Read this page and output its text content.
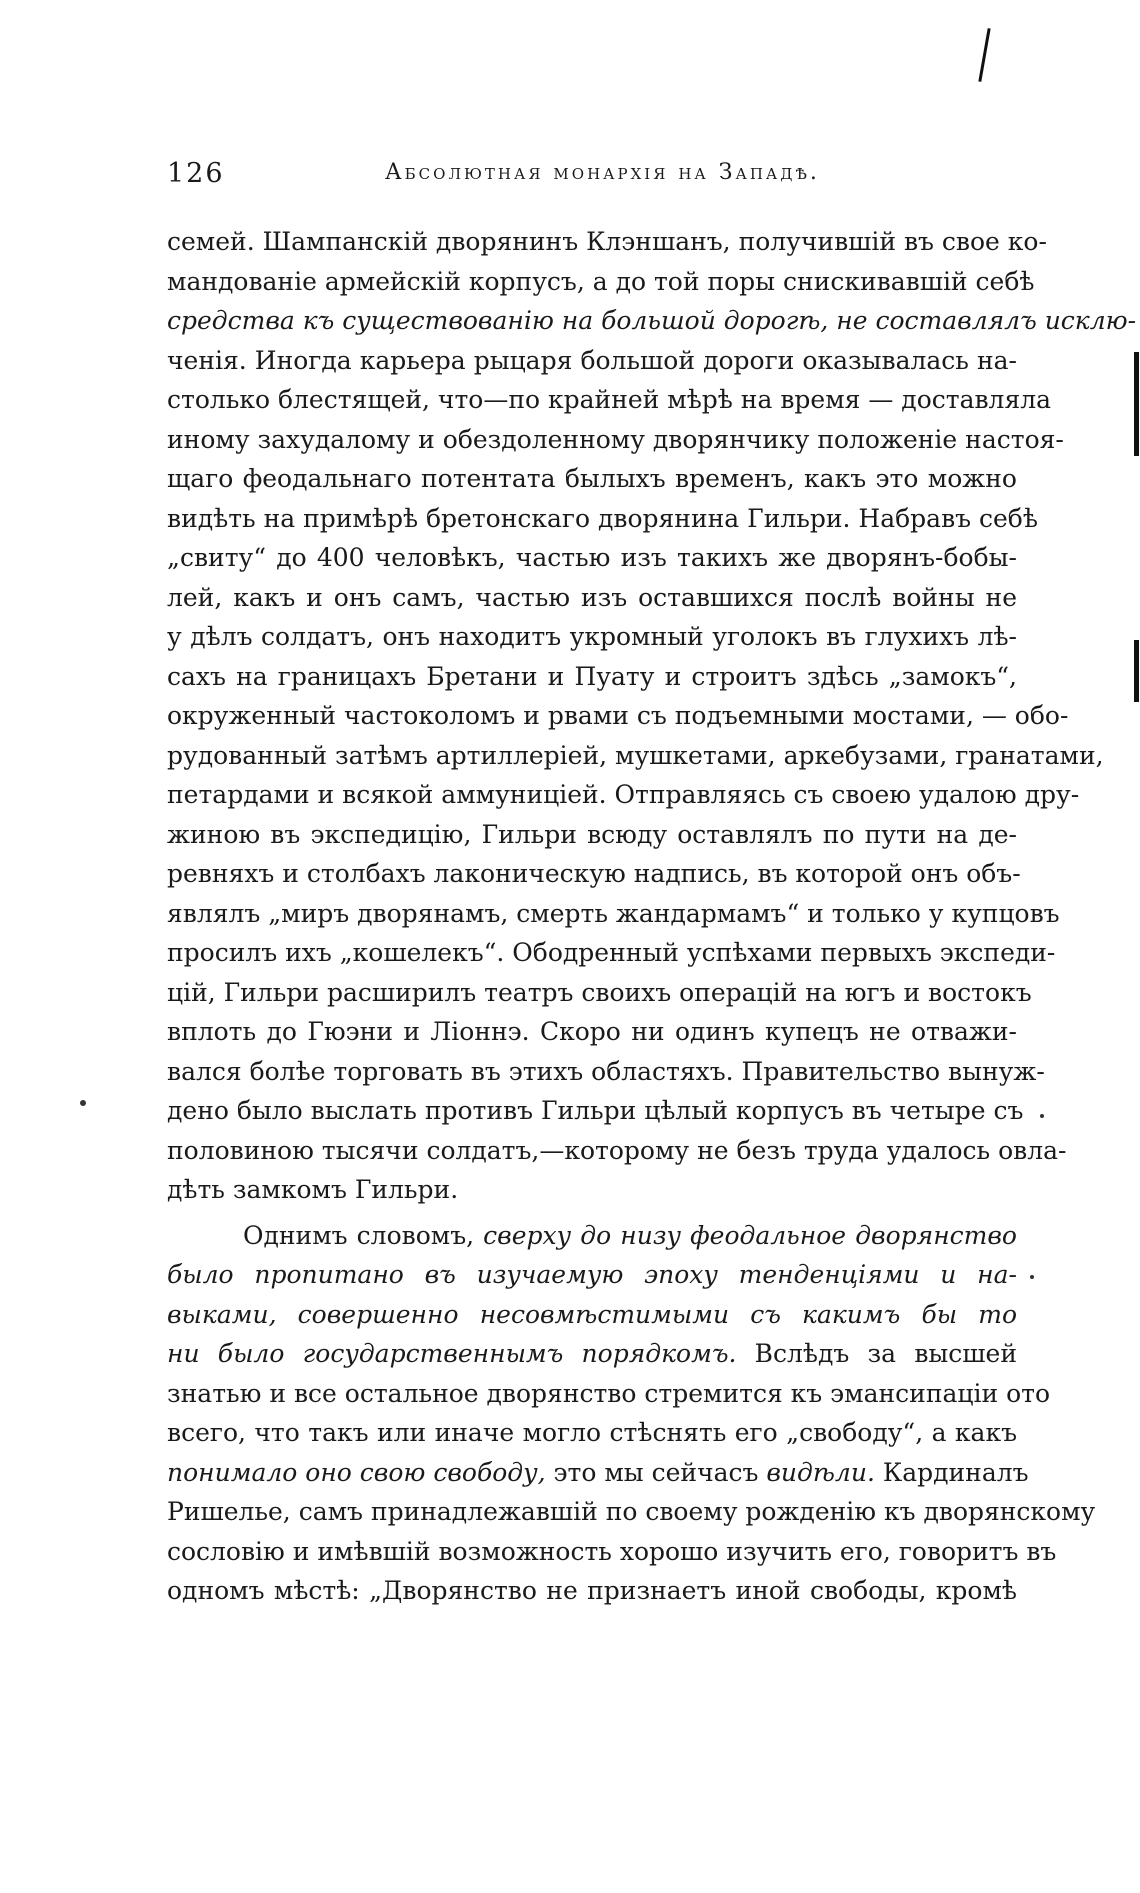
126	Абсолютная монархія на Западѣ.
семей. Шампанскій дворянинъ Клэншанъ, получившій въ свое ко-
мандованіе армейскій корпусъ, а до той поры снискивавшій себѣ
средства къ существованію на большой дорогѣ, не составлялъ исклю-
ченія. Иногда карьера рыцаря большой дороги оказывалась на-
столько блестящей, что—по крайней мѣрѣ на время — доставляла
иному захудалому и обездоленному дворянчику положеніе настоя-
щаго феодальнаго потентата былыхъ временъ, какъ это можно
видѣть на примѣрѣ бретонскаго дворянина Гильри. Набравъ себѣ
„свиту“ до 400 человѣкъ, частью изъ такихъ же дворянъ-бобы-
лей, какъ и онъ самъ, частью изъ оставшихся послѣ войны не
у дѣлъ солдатъ, онъ находитъ укромный уголокъ въ глухихъ лѣ-
сахъ на границахъ Бретани и Пуату и строитъ здѣсь „замокъ“,
окруженный частоколомъ и рвами съ подъемными мостами, — обо-
рудованный затѣмъ артиллеріей, мушкетами, аркебузами, гранатами,
петардами и всякой аммуниціей. Отправляясь съ своею удалою дру-
жиною въ экспедицію, Гильри всюду оставлялъ по пути на де-
ревняхъ и столбахъ лаконическую надпись, въ которой онъ объ-
являлъ „миръ дворянамъ, смерть жандармамъ“ и только у купцовъ
просилъ ихъ „кошелекъ“. Ободренный успѣхами первыхъ экспеди-
цій, Гильри расширилъ театръ своихъ операцій на югъ и востокъ
вплоть до Гюэни и Ліоннэ. Скоро ни одинъ купецъ не отважи-
вался болѣе торговать въ этихъ областяхъ. Правительство вынуж-
дено было выслать противъ Гильри цѣлый корпусъ въ четыре съ
половиною тысячи солдатъ,—которому не безъ труда удалось овла-
дѣть замкомъ Гильри.
Однимъ словомъ, сверху до низу феодальное дворянство
было пропитано въ изучаемую эпоху тенденціями и на-
выками, совершенно несовмѣстимыми съ какимъ бы то
ни было государственнымъ порядкомъ. Вслѣдъ за высшей
знатью и все остальное дворянство стремится къ эмансипаціи ото
всего, что такъ или иначе могло стѣснять его „свободу“, а какъ
понимало оно свою свободу, это мы сейчасъ видѣли. Кардиналъ
Ришелье, самъ принадлежавшій по своему рожденію къ дворянскому
сословію и имѣвшій возможность хорошо изучить его, говоритъ въ
одномъ мѣстѣ: „Дворянство не признаетъ иной свободы, кромѣ
